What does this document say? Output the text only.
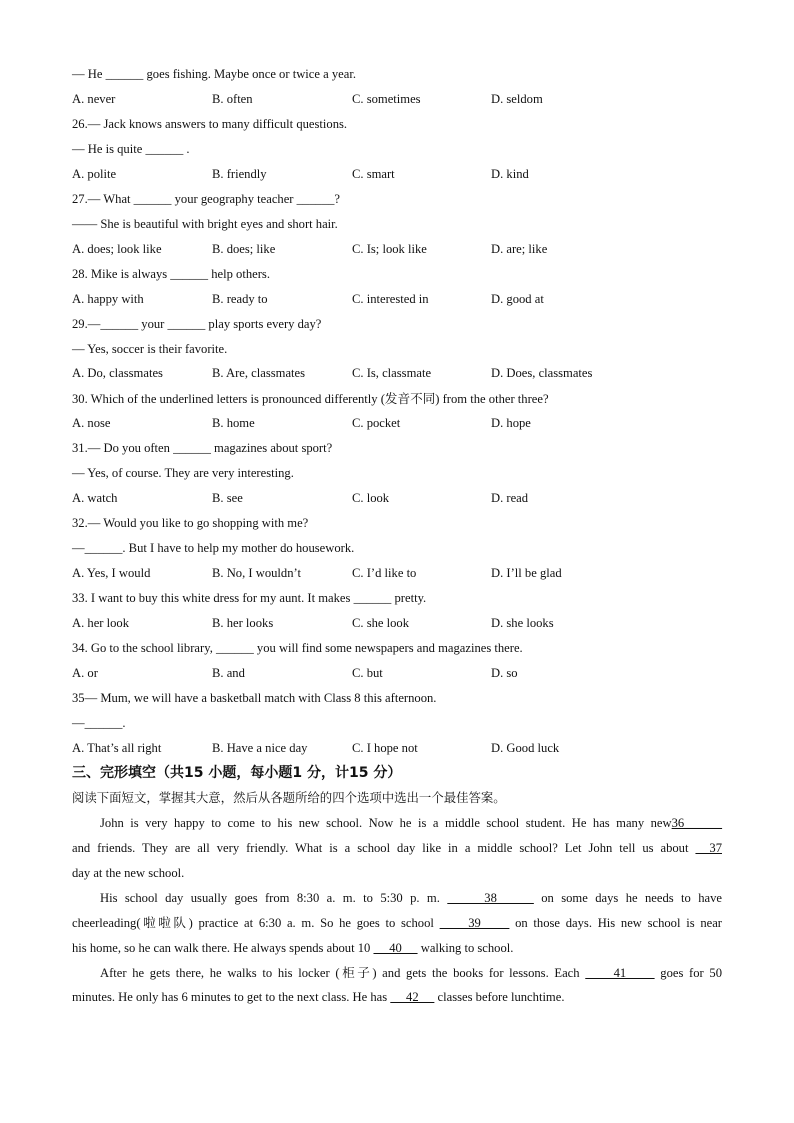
— He ______ goes fishing. Maybe once or twice a year.
A. never	B. often	C. sometimes	D. seldom
26.— Jack knows answers to many difficult questions.
— He is quite ______ .
A. polite	B. friendly	C. smart	D. kind
27.— What ______ your geography teacher ______?
—— She is beautiful with bright eyes and short hair.
A. does; look like	B. does; like	C. Is; look like	D. are; like
28. Mike is always ______ help others.
A. happy with	B. ready to	C. interested in	D. good at
29.—______ your ______ play sports every day?
— Yes, soccer is their favorite.
A. Do, classmates	B. Are, classmates	C. Is, classmate	D. Does, classmates
30. Which of the underlined letters is pronounced differently (发音不同) from the other three?
A. nose	B. home	C. pocket	D. hope
31.— Do you often ______ magazines about sport?
— Yes, of course. They are very interesting.
A. watch	B. see	C. look	D. read
32.— Would you like to go shopping with me?
—______. But I have to help my mother do housework.
A. Yes, I would	B. No, I wouldn’t	C. I’d like to	D. I’ll be glad
33. I want to buy this white dress for my aunt. It makes ______ pretty.
A. her look	B. her looks	C. she look	D. she looks
34. Go to the school library, ______ you will find some newspapers and magazines there.
A. or	B. and	C. but	D. so
35— Mum, we will have a basketball match with Class 8 this afternoon.
—______.
A. That’s all right	B. Have a nice day	C. I hope not	D. Good luck
三、完形填空（共15 小题，每小题1 分，计15 分）
阅读下面短文，掌握其大意，然后从各题所给的四个选项中选出一个最佳答案。
John is very happy to come to his new school. Now he is a middle school student. He has many new36______
and friends. They are all very friendly. What is a school day like in a middle school? Let John tell us about   37
day at the new school.
His school day usually goes from 8:30 a. m. to 5:30 p. m.      38      on some days he needs to have
cheerleading(啦啦队) practice at 6:30 a. m. So he goes to school      39      on those days. His new school is near
his home, so he can walk there. He always spends about 10      40      walking to school.
After he gets there, he walks to his locker (柜子) and gets the books for lessons. Each      41      goes for 50
minutes. He only has 6 minutes to get to the next class. He has      42      classes before lunchtime.
